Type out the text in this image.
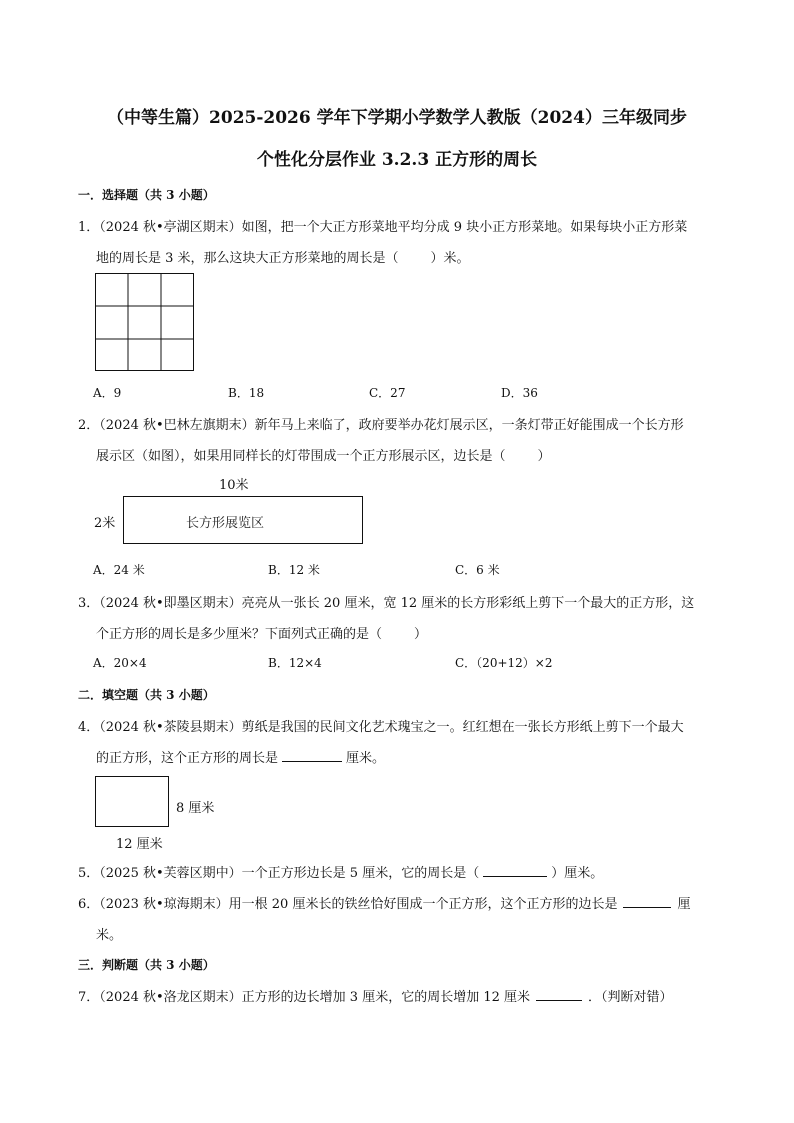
（中等生篇）2025-2026 学年下学期小学数学人教版（2024）三年级同步
个性化分层作业 3.2.3 正方形的周长
一．选择题（共 3 小题）
1．（2024 秋•亭湖区期末）如图，把一个大正方形菜地平均分成 9 块小正方形菜地。如果每块小正方形菜
地的周长是 3 米，那么这块大正方形菜地的周长是（ ）米。
A．9	B．18	C．27	D．36
2．（2024 秋•巴林左旗期末）新年马上来临了，政府要举办花灯展示区，一条灯带正好能围成一个长方形
展示区（如图），如果用同样长的灯带围成一个正方形展示区，边长是（ ）
10米
2米	长方形展览区
A．24 米	B．12 米	C．6 米
3．（2024 秋•即墨区期末）亮亮从一张长 20 厘米，宽 12 厘米的长方形彩纸上剪下一个最大的正方形，这
个正方形的周长是多少厘米？下面列式正确的是（ ）
A．20×4	B．12×4	C．（20+12）×2
二．填空题（共 3 小题）
4．（2024 秋•茶陵县期末）剪纸是我国的民间文化艺术瑰宝之一。红红想在一张长方形纸上剪下一个最大
的正方形，这个正方形的周长是	厘米。
8 厘米
12 厘米
5．（2025 秋•芙蓉区期中）一个正方形边长是 5 厘米，它的周长是（	）厘米。
6．（2023 秋•琼海期末）用一根 20 厘米长的铁丝恰好围成一个正方形，这个正方形的边长是	厘
米。
三．判断题（共 3 小题）
7．（2024 秋•洛龙区期末）正方形的边长增加 3 厘米，它的周长增加 12 厘米	．（判断对错）
